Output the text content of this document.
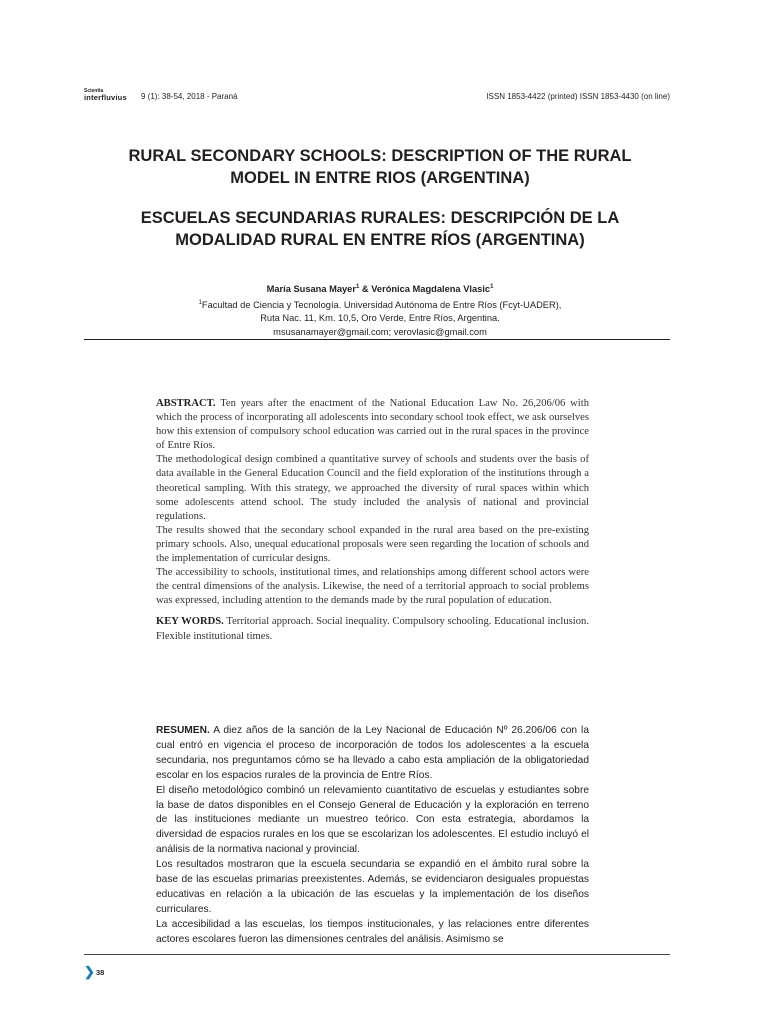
Scientia
interfluvius 9 (1): 38-54, 2018 - Paraná	ISSN 1853-4422 (printed) ISSN 1853-4430 (on line)
RURAL SECONDARY SCHOOLS: DESCRIPTION OF THE RURAL
MODEL IN ENTRE RIOS (ARGENTINA)
ESCUELAS SECUNDARIAS RURALES: DESCRIPCIÓN DE LA
MODALIDAD RURAL EN ENTRE RÍOS (ARGENTINA)
María Susana Mayer$^1$ & Verónica Magdalena Vlasic$^1$
$^1$Facultad de Ciencia y Tecnología. Universidad Autónoma de Entre Ríos (Fcyt-UADER),
Ruta Nac. 11, Km. 10,5, Oro Verde, Entre Ríos, Argentina.
msusanamayer@gmail.com; verovlasic@gmail.com

ABSTRACT. Ten years after the enactment of the National Education Law No. 26,206/06 with which the process of incorporating all adolescents into secondary school took effect, we ask ourselves how this extension of compulsory school education was carried out in the rural spaces in the province of Entre Ríos.

The methodological design combined a quantitative survey of schools and students over the basis of data available in the General Education Council and the field exploration of the institutions through a theoretical sampling. With this strategy, we approached the diversity of rural spaces within which some adolescents attend school. The study included the analysis of national and provincial regulations.

The results showed that the secondary school expanded in the rural area based on the pre-existing primary schools. Also, unequal educational proposals were seen regarding the location of schools and the implementation of curricular designs.

The accessibility to schools, institutional times, and relationships among different school actors were the central dimensions of the analysis. Likewise, the need of a territorial approach to social problems was expressed, including attention to the demands made by the rural population of education.

KEY WORDS. Territorial approach. Social inequality. Compulsory schooling. Educational inclusion. Flexible institutional times.

RESUMEN. A diez años de la sanción de la Ley Nacional de Educación Nº 26.206/06 con la cual entró en vigencia el proceso de incorporación de todos los adolescentes a la escuela secundaria, nos preguntamos cómo se ha llevado a cabo esta ampliación de la obligatoriedad escolar en los espacios rurales de la provincia de Entre Ríos.

El diseño metodológico combinó un relevamiento cuantitativo de escuelas y estudiantes sobre la base de datos disponibles en el Consejo General de Educación y la exploración en terreno de las instituciones mediante un muestreo teórico. Con esta estrategia, abordamos la diversidad de espacios rurales en los que se escolarizan los adolescentes. El estudio incluyó el análisis de la normativa nacional y provincial.

Los resultados mostraron que la escuela secundaria se expandió en el ámbito rural sobre la base de las escuelas primarias preexistentes. Además, se evidenciaron desiguales propuestas educativas en relación a la ubicación de las escuelas y la implementación de los diseños curriculares.

La accesibilidad a las escuelas, los tiempos institucionales, y las relaciones entre diferentes actores escolares fueron las dimensiones centrales del análisis. Asimismo se

❯ 38
